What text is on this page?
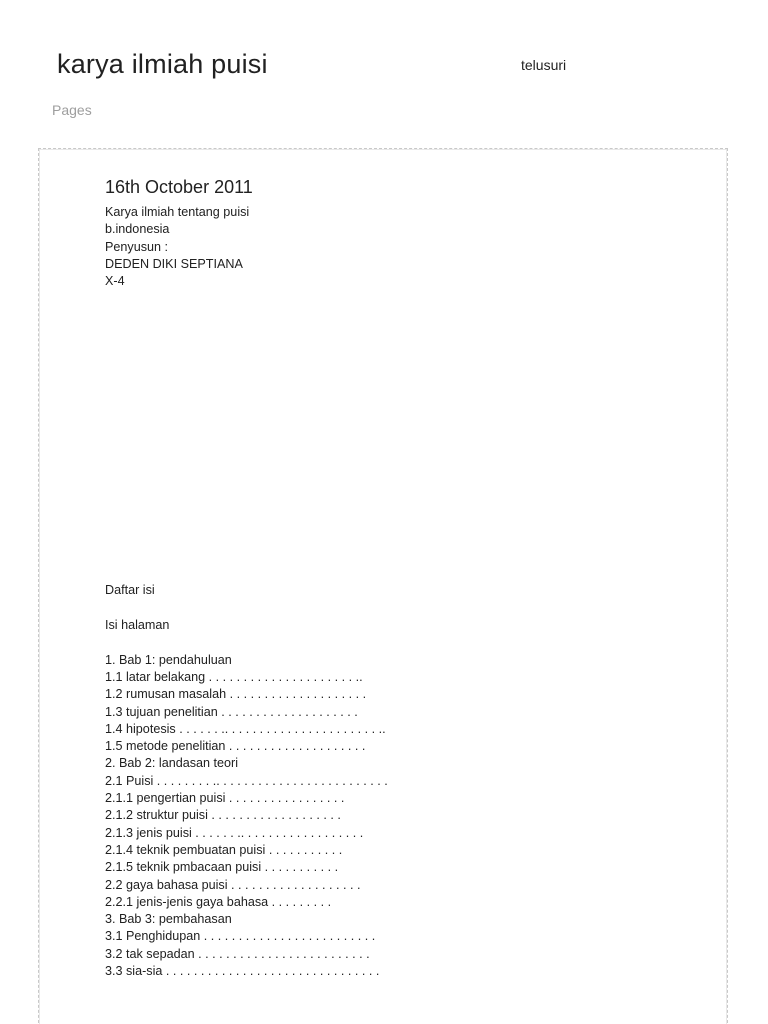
karya ilmiah puisi	telusuri
Pages
16th October 2011
Karya ilmiah tentang puisi
b.indonesia
Penyusun :
DEDEN DIKI SEPTIANA
X-4
Daftar isi
Isi halaman
1. Bab 1: pendahuluan
1.1 latar belakang . . . . . . . . . . . . . . . . . . . . . ..
1.2 rumusan masalah . . . . . . . . . . . . . . . . . . . .
1.3 tujuan penelitian . . . . . . . . . . . . . . . . . . . .
1.4 hipotesis . . . . . . .. . . . . . . . . . . . . . . . . . . . . . ..
1.5 metode penelitian . . . . . . . . . . . . . . . . . . . .
2. Bab 2: landasan teori
2.1 Puisi . . . . . . . . .. . . . . . . . . . . . . . . . . . . . . . . . .
2.1.1 pengertian puisi . . . . . . . . . . . . . . . . .
2.1.2 struktur puisi . . . . . . . . . . . . . . . . . . .
2.1.3 jenis puisi . . . . . . .. . . . . . . . . . . . . . . . . .
2.1.4 teknik pembuatan puisi . . . . . . . . . . .
2.1.5 teknik pmbacaan puisi . . . . . . . . . . .
2.2 gaya bahasa puisi . . . . . . . . . . . . . . . . . . .
2.2.1 jenis-jenis gaya bahasa . . . . . . . . .
3. Bab 3: pembahasan
3.1 Penghidupan . . . . . . . . . . . . . . . . . . . . . . . . .
3.2 tak sepadan . . . . . . . . . . . . . . . . . . . . . . . . .
3.3 sia-sia . . . . . . . . . . . . . . . . . . . . . . . . . . . . . . .
